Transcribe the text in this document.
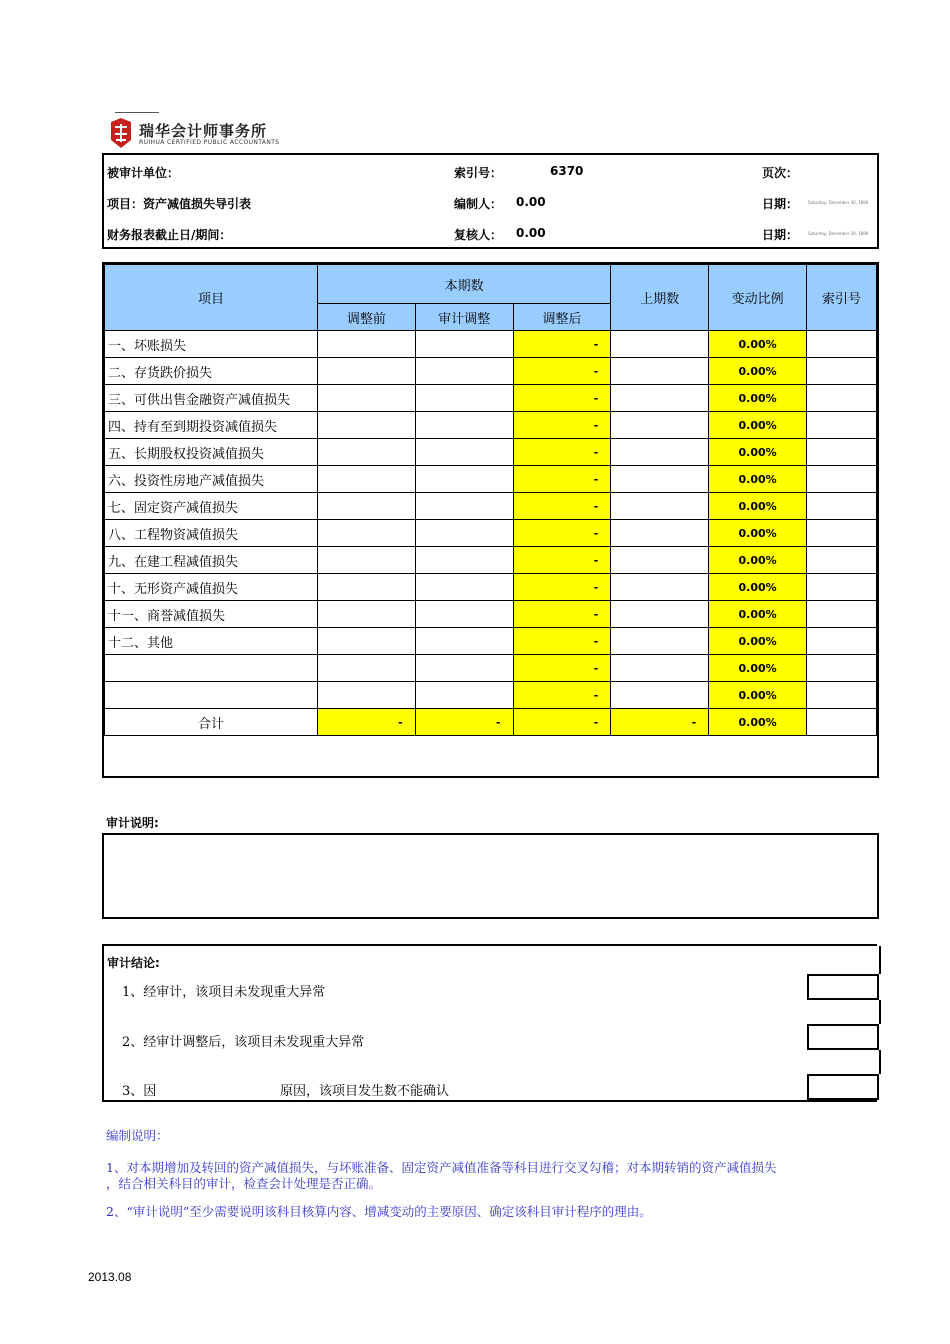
瑞华会计师事务所
RUIHUA CERTIFIED PUBLIC ACCOUNTANTS
被审计单位：	索引号：	6370	页次：
项目：资产减值损失导引表	编制人： 0.00	日期： Saturday, December 30, 1899
财务报表截止日/期间：	复核人： 0.00	日期： Saturday, December 30, 1899
项目	本期数			上期数	变动比例	索引号
	调整前	审计调整	调整后			
一、坏账损失			-		0.00%	
二、存货跌价损失			-		0.00%	
三、可供出售金融资产减值损失			-		0.00%	
四、持有至到期投资减值损失			-		0.00%	
五、长期股权投资减值损失			-		0.00%	
六、投资性房地产减值损失			-		0.00%	
七、固定资产减值损失			-		0.00%	
八、工程物资减值损失			-		0.00%	
九、在建工程减值损失			-		0.00%	
十、无形资产减值损失			-		0.00%	
十一、商誉减值损失			-		0.00%	
十二、其他			-		0.00%	
			-		0.00%	
			-		0.00%	
合计	-	-	-	-	0.00%	
审计说明:
审计结论:
1、经审计，该项目未发现重大异常
2、经审计调整后，该项目未发现重大异常
3、因	原因，该项目发生数不能确认
编制说明：
1、对本期增加及转回的资产减值损失，与坏账准备、固定资产减值准备等科目进行交叉勾稽；对本期转销的资产减值损失
，结合相关科目的审计，检查会计处理是否正确。
2、“审计说明”至少需要说明该科目核算内容、增减变动的主要原因、确定该科目审计程序的理由。
2013.08
